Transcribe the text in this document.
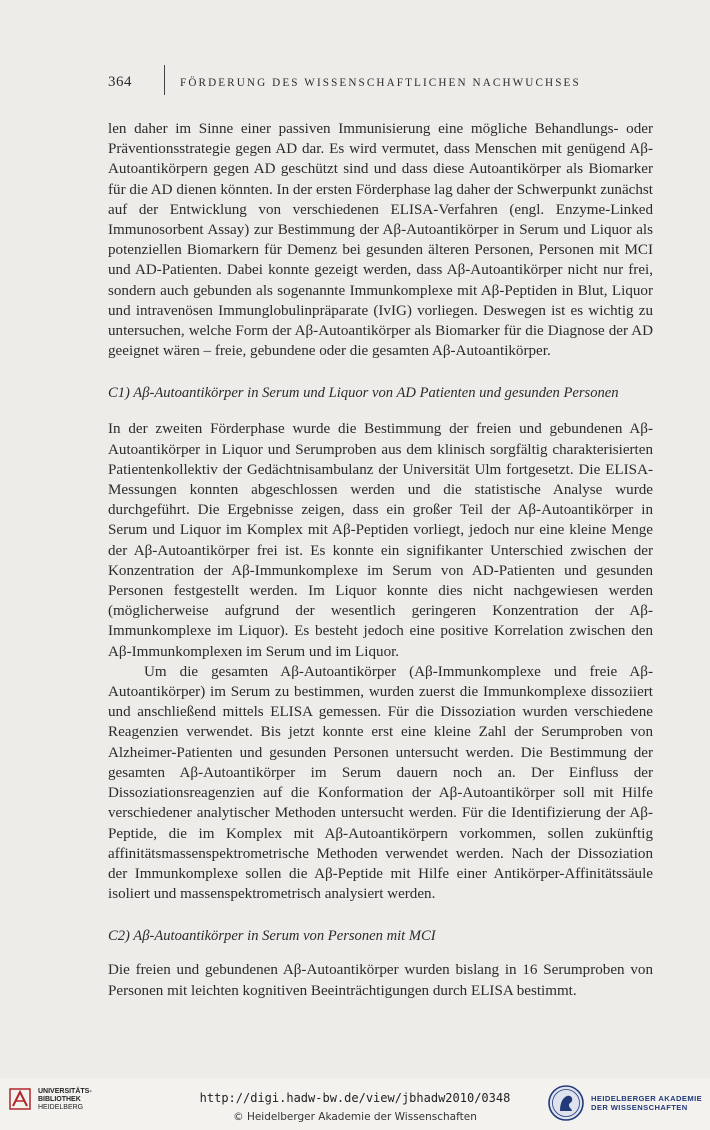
364	FÖRDERUNG DES WISSENSCHAFTLICHEN NACHWUCHSES

len daher im Sinne einer passiven Immunisierung eine mögliche Behandlungs- oder Präventionsstrategie gegen AD dar. Es wird vermutet, dass Menschen mit genügend Aβ-Autoantikörpern gegen AD geschützt sind und dass diese Autoantikörper als Biomarker für die AD dienen könnten. In der ersten Förderphase lag daher der Schwerpunkt zunächst auf der Entwicklung von verschiedenen ELISA-Verfahren (engl. Enzyme-Linked Immunosorbent Assay) zur Bestimmung der Aβ-Autoantikörper in Serum und Liquor als potenziellen Biomarkern für Demenz bei gesunden älteren Personen, Personen mit MCI und AD-Patienten. Dabei konnte gezeigt werden, dass Aβ-Autoantikörper nicht nur frei, sondern auch gebunden als sogenannte Immunkomplexe mit Aβ-Peptiden in Blut, Liquor und intravenösen Immunglobulinpräparate (IvIG) vorliegen. Deswegen ist es wichtig zu untersuchen, welche Form der Aβ-Autoantikörper als Biomarker für die Diagnose der AD geeignet wären – freie, gebundene oder die gesamten Aβ-Autoantikörper.

C1) Aβ-Autoantikörper in Serum und Liquor von AD Patienten und gesunden Personen

In der zweiten Förderphase wurde die Bestimmung der freien und gebundenen Aβ-Autoantikörper in Liquor und Serumproben aus dem klinisch sorgfältig charakterisierten Patientenkollektiv der Gedächtnisambulanz der Universität Ulm fortgesetzt. Die ELISA-Messungen konnten abgeschlossen werden und die statistische Analyse wurde durchgeführt. Die Ergebnisse zeigen, dass ein großer Teil der Aβ-Autoantikörper in Serum und Liquor im Komplex mit Aβ-Peptiden vorliegt, jedoch nur eine kleine Menge der Aβ-Autoantikörper frei ist. Es konnte ein signifikanter Unterschied zwischen der Konzentration der Aβ-Immunkomplexe im Serum von AD-Patienten und gesunden Personen festgestellt werden. Im Liquor konnte dies nicht nachgewiesen werden (möglicherweise aufgrund der wesentlich geringeren Konzentration der Aβ-Immunkomplexe im Liquor). Es besteht jedoch eine positive Korrelation zwischen den Aβ-Immunkomplexen im Serum und im Liquor.

Um die gesamten Aβ-Autoantikörper (Aβ-Immunkomplexe und freie Aβ-Autoantikörper) im Serum zu bestimmen, wurden zuerst die Immunkomplexe dissoziiert und anschließend mittels ELISA gemessen. Für die Dissoziation wurden verschiedene Reagenzien verwendet. Bis jetzt konnte erst eine kleine Zahl der Serumproben von Alzheimer-Patienten und gesunden Personen untersucht werden. Die Bestimmung der gesamten Aβ-Autoantikörper im Serum dauern noch an. Der Einfluss der Dissoziationsreagenzien auf die Konformation der Aβ-Autoantikörper soll mit Hilfe verschiedener analytischer Methoden untersucht werden. Für die Identifizierung der Aβ-Peptide, die im Komplex mit Aβ-Autoantikörpern vorkommen, sollen zukünftig affinitätsmassenspektrometrische Methoden verwendet werden. Nach der Dissoziation der Immunkomplexe sollen die Aβ-Peptide mit Hilfe einer Antikörper-Affinitätssäule isoliert und massenspektrometrisch analysiert werden.

C2) Aβ-Autoantikörper in Serum von Personen mit MCI

Die freien und gebundenen Aβ-Autoantikörper wurden bislang in 16 Serumproben von Personen mit leichten kognitiven Beeinträchtigungen durch ELISA bestimmt.

UNIVERSITÄTS-
BIBLIOTHEK
HEIDELBERG
http://digi.hadw-bw.de/view/jbhadw2010/0348
© Heidelberger Akademie der Wissenschaften
HEIDELBERGER AKADEMIE
DER WISSENSCHAFTEN
